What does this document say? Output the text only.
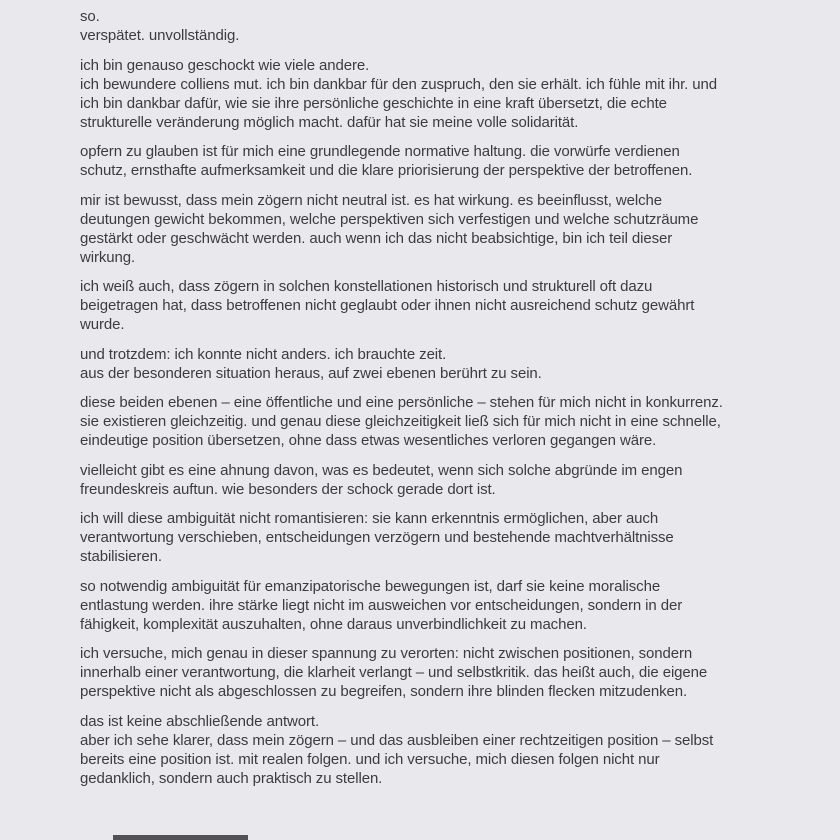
so.
verspätet. unvollständig.
ich bin genauso geschockt wie viele andere.
ich bewundere colliens mut. ich bin dankbar für den zuspruch, den sie erhält. ich fühle mit ihr. und
ich bin dankbar dafür, wie sie ihre persönliche geschichte in eine kraft übersetzt, die echte
strukturelle veränderung möglich macht. dafür hat sie meine volle solidarität.
opfern zu glauben ist für mich eine grundlegende normative haltung. die vorwürfe verdienen
schutz, ernsthafte aufmerksamkeit und die klare priorisierung der perspektive der betroffenen.
mir ist bewusst, dass mein zögern nicht neutral ist. es hat wirkung. es beeinflusst, welche
deutungen gewicht bekommen, welche perspektiven sich verfestigen und welche schutzräume
gestärkt oder geschwächt werden. auch wenn ich das nicht beabsichtige, bin ich teil dieser
wirkung.
ich weiß auch, dass zögern in solchen konstellationen historisch und strukturell oft dazu
beigetragen hat, dass betroffenen nicht geglaubt oder ihnen nicht ausreichend schutz gewährt
wurde.
und trotzdem: ich konnte nicht anders. ich brauchte zeit.
aus der besonderen situation heraus, auf zwei ebenen berührt zu sein.
diese beiden ebenen – eine öffentliche und eine persönliche – stehen für mich nicht in konkurrenz.
sie existieren gleichzeitig. und genau diese gleichzeitigkeit ließ sich für mich nicht in eine schnelle,
eindeutige position übersetzen, ohne dass etwas wesentliches verloren gegangen wäre.
vielleicht gibt es eine ahnung davon, was es bedeutet, wenn sich solche abgründe im engen
freundeskreis auftun. wie besonders der schock gerade dort ist.
ich will diese ambiguität nicht romantisieren: sie kann erkenntnis ermöglichen, aber auch
verantwortung verschieben, entscheidungen verzögern und bestehende machtverhältnisse
stabilisieren.
so notwendig ambiguität für emanzipatorische bewegungen ist, darf sie keine moralische
entlastung werden. ihre stärke liegt nicht im ausweichen vor entscheidungen, sondern in der
fähigkeit, komplexität auszuhalten, ohne daraus unverbindlichkeit zu machen.
ich versuche, mich genau in dieser spannung zu verorten: nicht zwischen positionen, sondern
innerhalb einer verantwortung, die klarheit verlangt – und selbstkritik. das heißt auch, die eigene
perspektive nicht als abgeschlossen zu begreifen, sondern ihre blinden flecken mitzudenken.
das ist keine abschließende antwort.
aber ich sehe klarer, dass mein zögern – und das ausbleiben einer rechtzeitigen position – selbst
bereits eine position ist. mit realen folgen. und ich versuche, mich diesen folgen nicht nur
gedanklich, sondern auch praktisch zu stellen.
